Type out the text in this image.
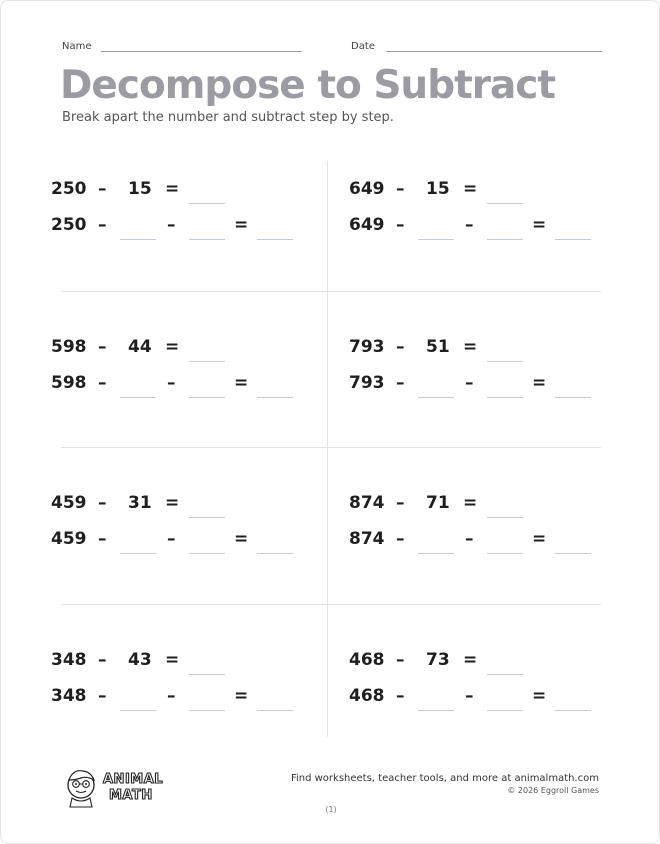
Name	Date
Decompose to Subtract
Break apart the number and subtract step by step.
250 – 15 =
250 –	–	=
649 – 15 =
649 –	–	=
598 – 44 =
598 –	–	=
793 – 51 =
793 –	–	=
459 – 31 =
459 –	–	=
874 – 71 =
874 –	–	=
348 – 43 =
348 –	–	=
468 – 73 =
468 –	–	=
ANIMAL
MATH
Find worksheets, teacher tools, and more at animalmath.com
© 2026 Eggroll Games
(1)
